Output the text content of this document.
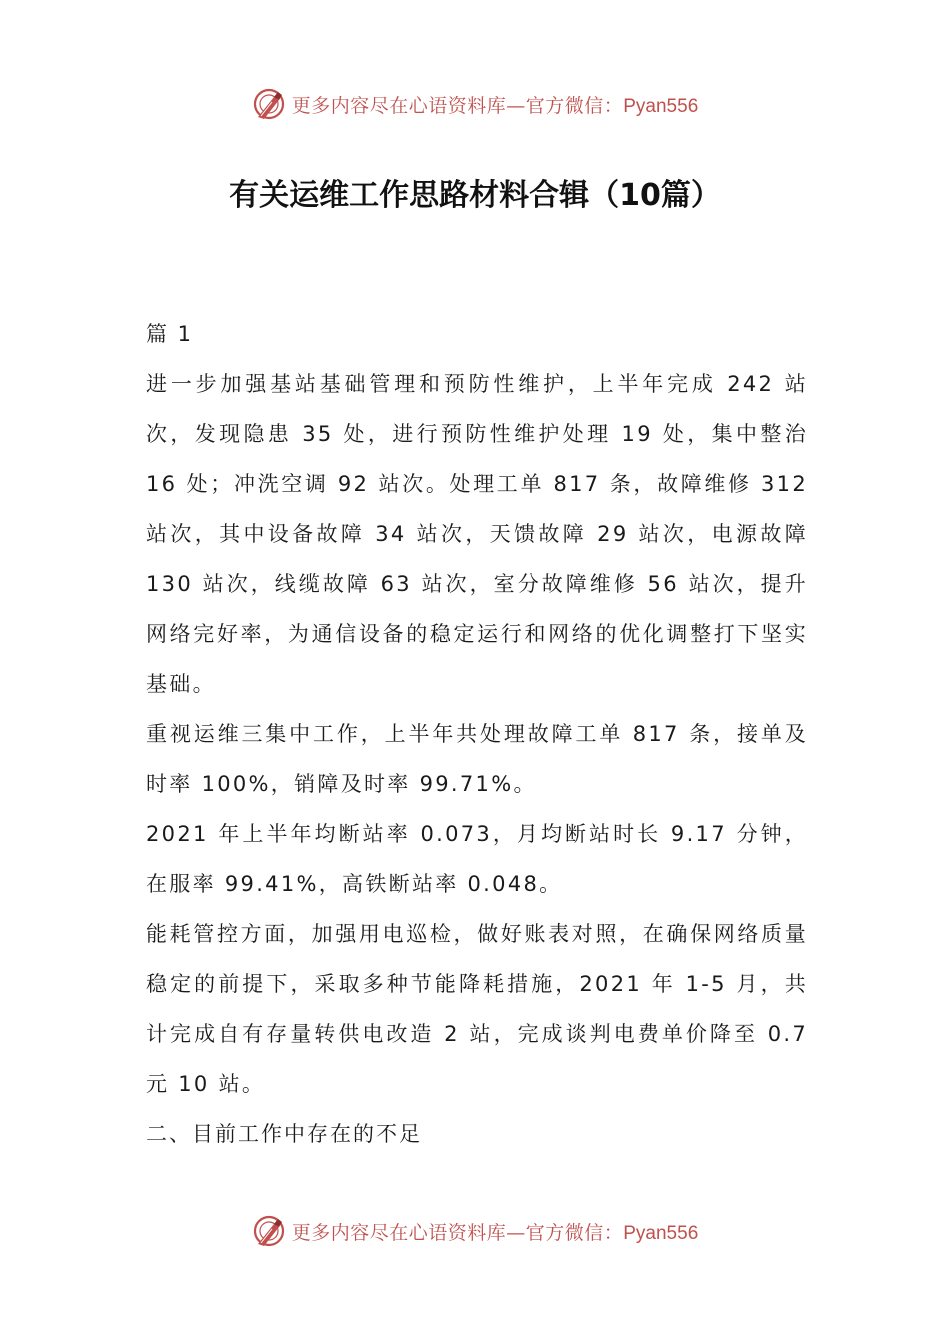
更多内容尽在心语资料库—官方微信：Pyan556
有关运维工作思路材料合辑（10篇）

篇 1

进一步加强基站基础管理和预防性维护，上半年完成 242 站次，发现隐患 35 处，进行预防性维护处理 19 处，集中整治 16 处；冲洗空调 92 站次。处理工单 817 条，故障维修 312 站次，其中设备故障 34 站次，天馈故障 29 站次，电源故障 130 站次，线缆故障 63 站次，室分故障维修 56 站次，提升网络完好率，为通信设备的稳定运行和网络的优化调整打下坚实基础。

重视运维三集中工作，上半年共处理故障工单 817 条，接单及时率 100%，销障及时率 99.71%。

2021 年上半年均断站率 0.073，月均断站时长 9.17 分钟，在服率 99.41%，高铁断站率 0.048。

能耗管控方面，加强用电巡检，做好账表对照，在确保网络质量稳定的前提下，采取多种节能降耗措施，2021 年 1-5 月，共计完成自有存量转供电改造 2 站，完成谈判电费单价降至 0.7 元 10 站。

二、目前工作中存在的不足

更多内容尽在心语资料库—官方微信：Pyan556
